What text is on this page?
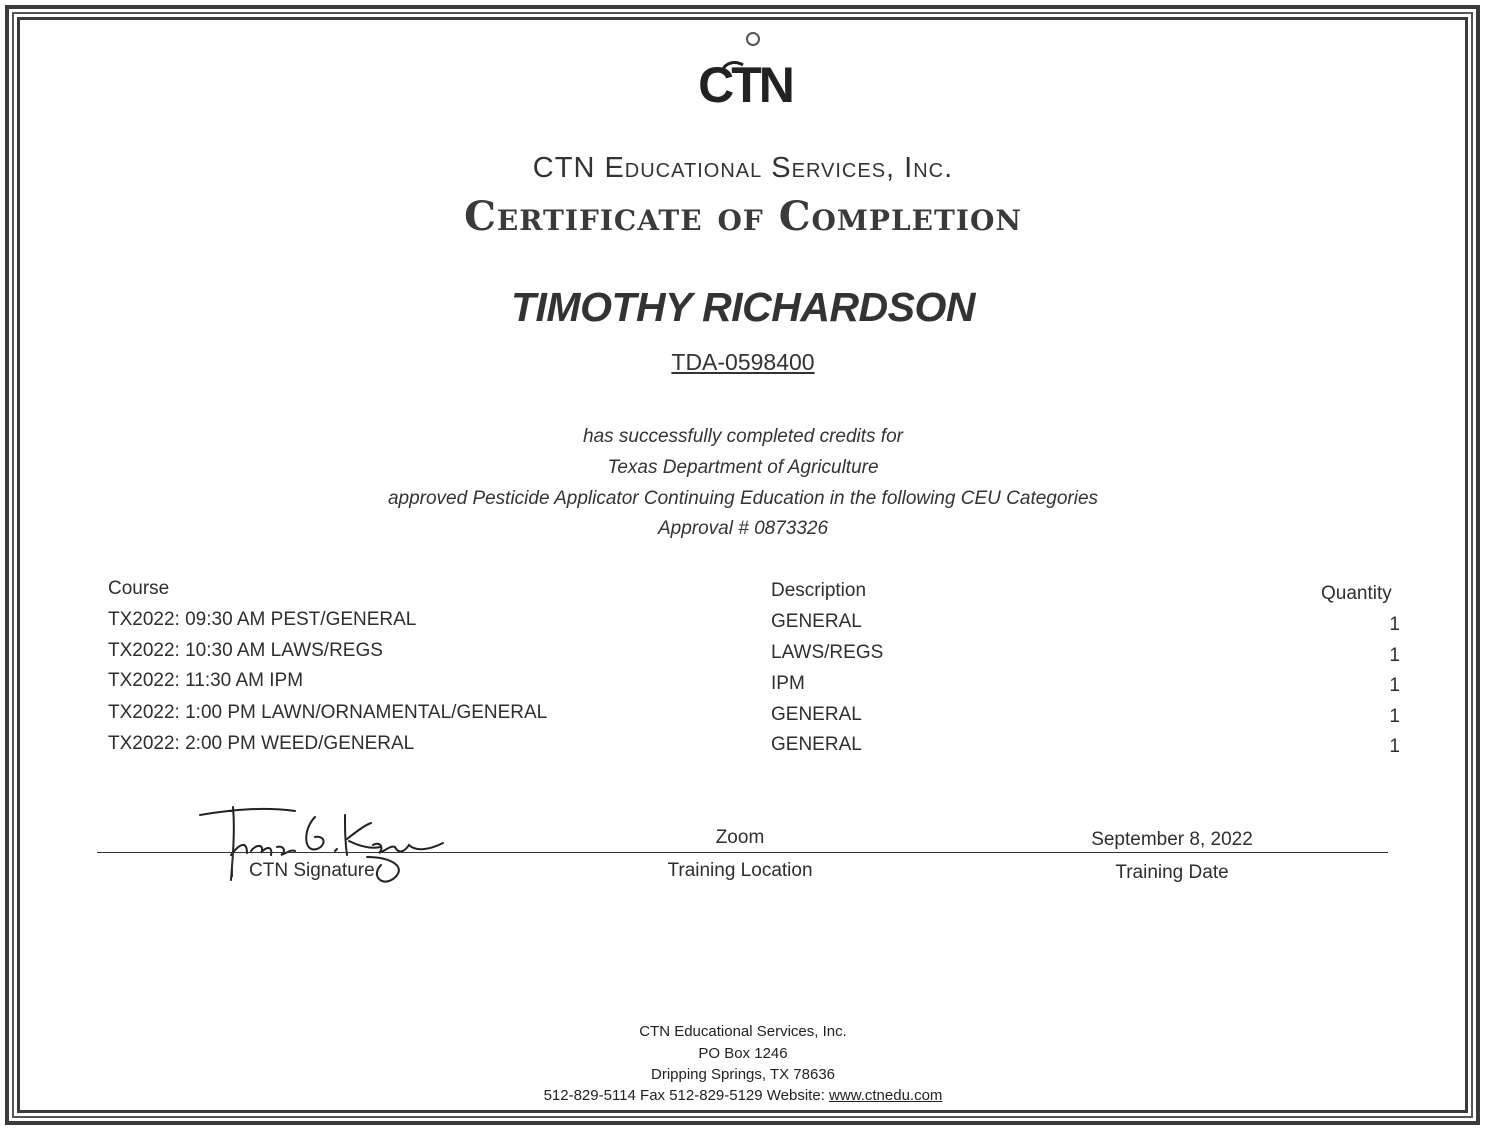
CTN
CTN Educational Services, Inc.
Certificate of Completion
TIMOTHY RICHARDSON
TDA-0598400
has successfully completed credits for
Texas Department of Agriculture
approved Pesticide Applicator Continuing Education in the following CEU Categories
Approval # 0873326
Course	Description	Quantity
TX2022: 09:30 AM PEST/GENERAL	GENERAL	1
TX2022: 10:30 AM LAWS/REGS	LAWS/REGS	1
TX2022: 11:30 AM IPM	IPM	1
TX2022: 1:00 PM LAWN/ORNAMENTAL/GENERAL	GENERAL	1
TX2022: 2:00 PM WEED/GENERAL	GENERAL	1
CTN Signature
Zoom
Training Location
September 8, 2022
Training Date
CTN Educational Services, Inc.
PO Box 1246
Dripping Springs, TX 78636
512-829-5114 Fax 512-829-5129 Website: www.ctnedu.com
